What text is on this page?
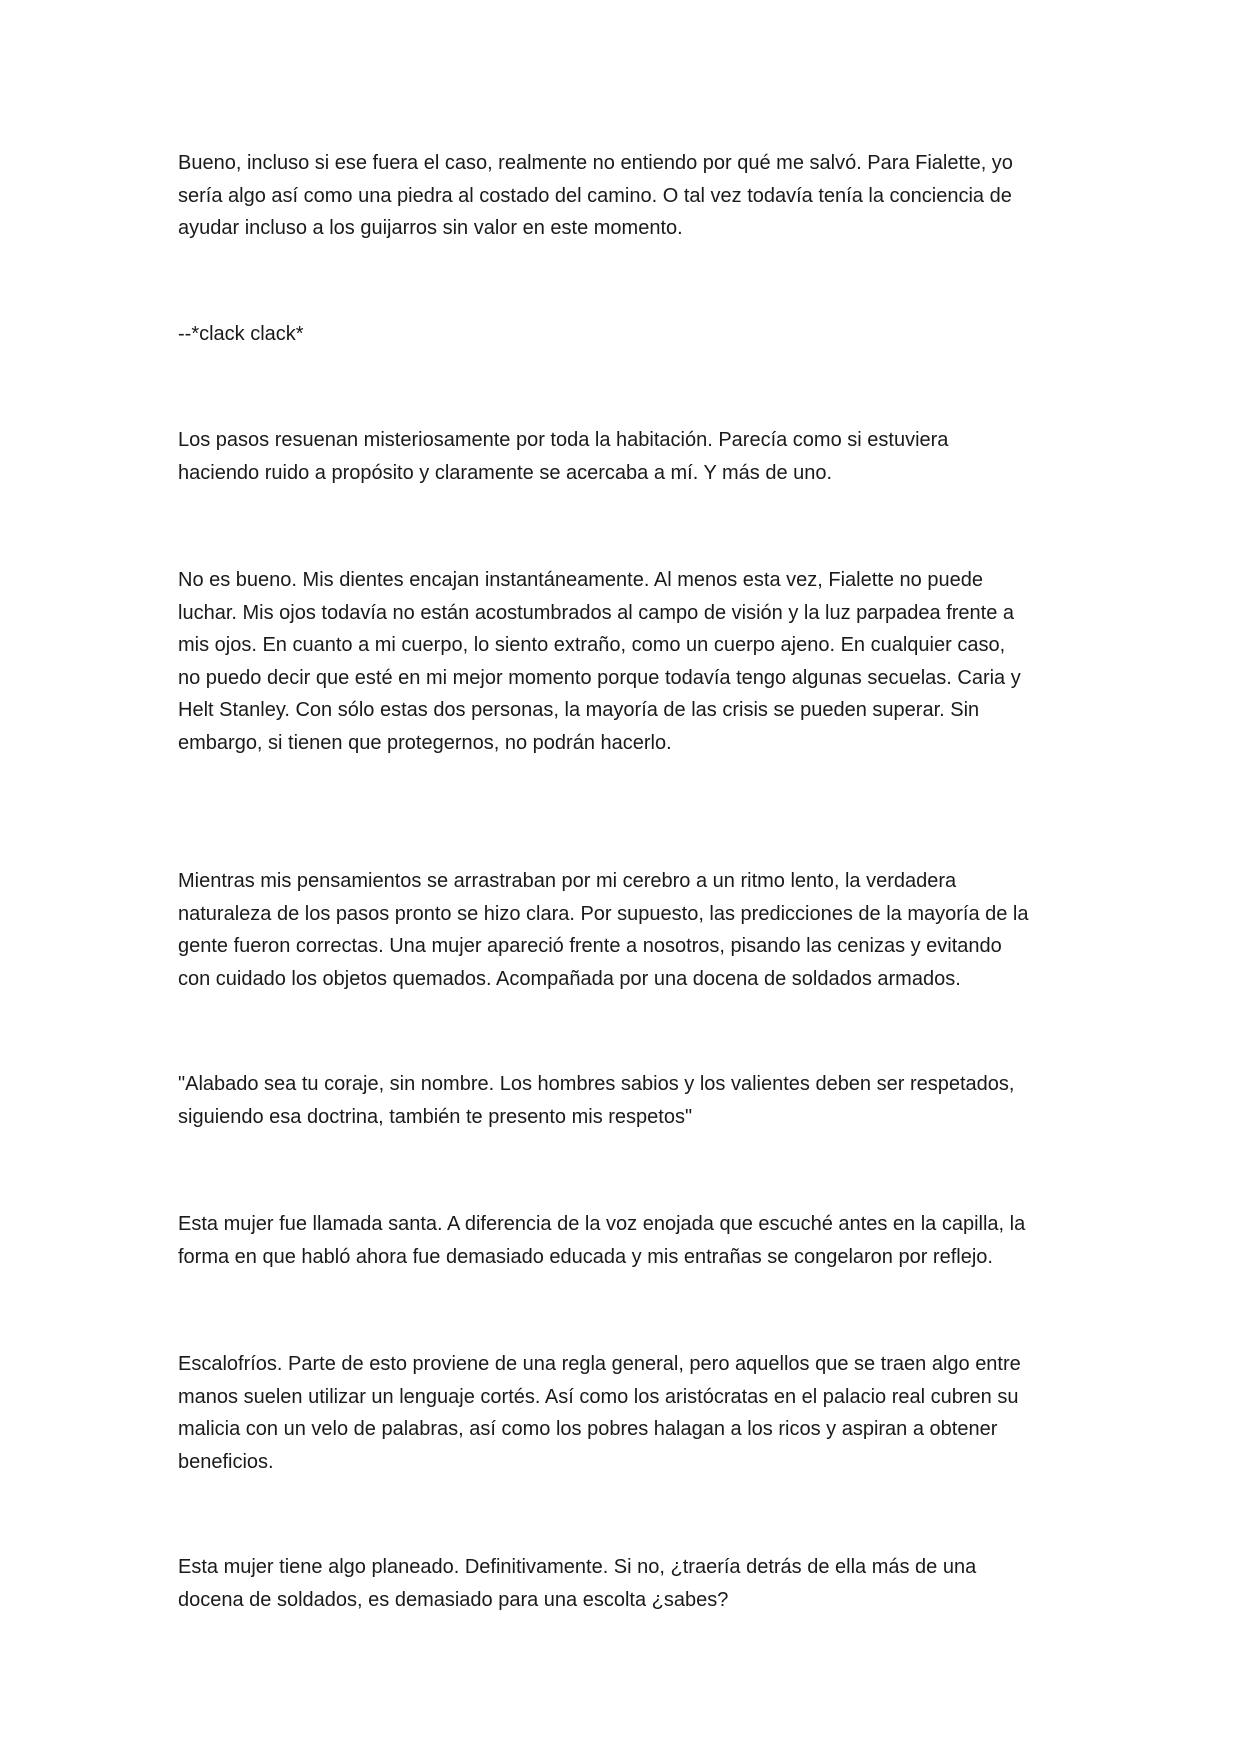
Bueno, incluso si ese fuera el caso, realmente no entiendo por qué me salvó. Para Fialette, yo
sería algo así como una piedra al costado del camino. O tal vez todavía tenía la conciencia de
ayudar incluso a los guijarros sin valor en este momento.

--*clack clack*

Los pasos resuenan misteriosamente por toda la habitación. Parecía como si estuviera
haciendo ruido a propósito y claramente se acercaba a mí. Y más de uno.

No es bueno. Mis dientes encajan instantáneamente. Al menos esta vez, Fialette no puede
luchar. Mis ojos todavía no están acostumbrados al campo de visión y la luz parpadea frente a
mis ojos. En cuanto a mi cuerpo, lo siento extraño, como un cuerpo ajeno. En cualquier caso,
no puedo decir que esté en mi mejor momento porque todavía tengo algunas secuelas. Caria y
Helt Stanley. Con sólo estas dos personas, la mayoría de las crisis se pueden superar. Sin
embargo, si tienen que protegernos, no podrán hacerlo.

Mientras mis pensamientos se arrastraban por mi cerebro a un ritmo lento, la verdadera
naturaleza de los pasos pronto se hizo clara. Por supuesto, las predicciones de la mayoría de la
gente fueron correctas. Una mujer apareció frente a nosotros, pisando las cenizas y evitando
con cuidado los objetos quemados. Acompañada por una docena de soldados armados.

"Alabado sea tu coraje, sin nombre. Los hombres sabios y los valientes deben ser respetados,
siguiendo esa doctrina, también te presento mis respetos"

Esta mujer fue llamada santa. A diferencia de la voz enojada que escuché antes en la capilla, la
forma en que habló ahora fue demasiado educada y mis entrañas se congelaron por reflejo.

Escalofríos. Parte de esto proviene de una regla general, pero aquellos que se traen algo entre
manos suelen utilizar un lenguaje cortés. Así como los aristócratas en el palacio real cubren su
malicia con un velo de palabras, así como los pobres halagan a los ricos y aspiran a obtener
beneficios.

Esta mujer tiene algo planeado. Definitivamente. Si no, ¿traería detrás de ella más de una
docena de soldados, es demasiado para una escolta ¿sabes?
